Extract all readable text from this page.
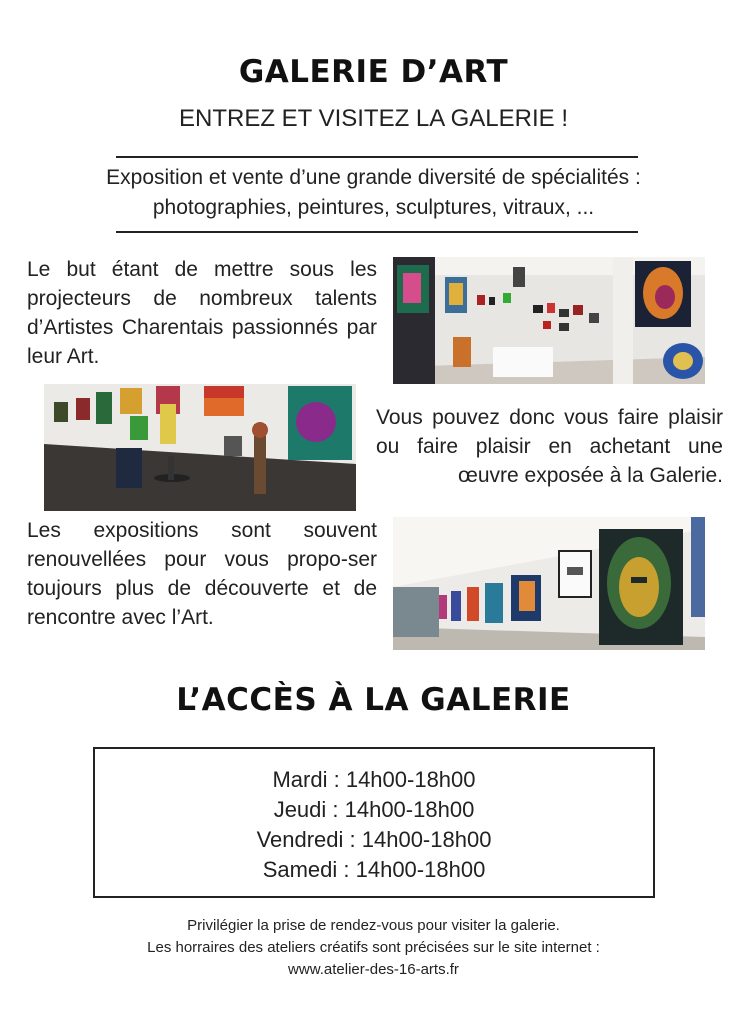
GALERIE D’ART
ENTREZ ET VISITEZ LA GALERIE !
Exposition et vente d’une grande diversité de spécialités :
photographies, peintures, sculptures, vitraux, ...
Le but étant de mettre sous les projecteurs de nombreux talents d’Artistes Charentais passionnés par leur Art.
Vous pouvez donc vous faire plaisir ou faire plaisir en achetant une œuvre exposée à la Galerie.
Les expositions sont souvent renouvellées pour vous propo-ser toujours plus de découverte et de rencontre avec l’Art.
L’ACCÈS À LA GALERIE
Mardi : 14h00-18h00
Jeudi : 14h00-18h00
Vendredi : 14h00-18h00
Samedi : 14h00-18h00
Privilégier la prise de rendez-vous pour visiter la galerie.
Les horraires des ateliers créatifs sont précisées sur le site internet :
www.atelier-des-16-arts.fr
